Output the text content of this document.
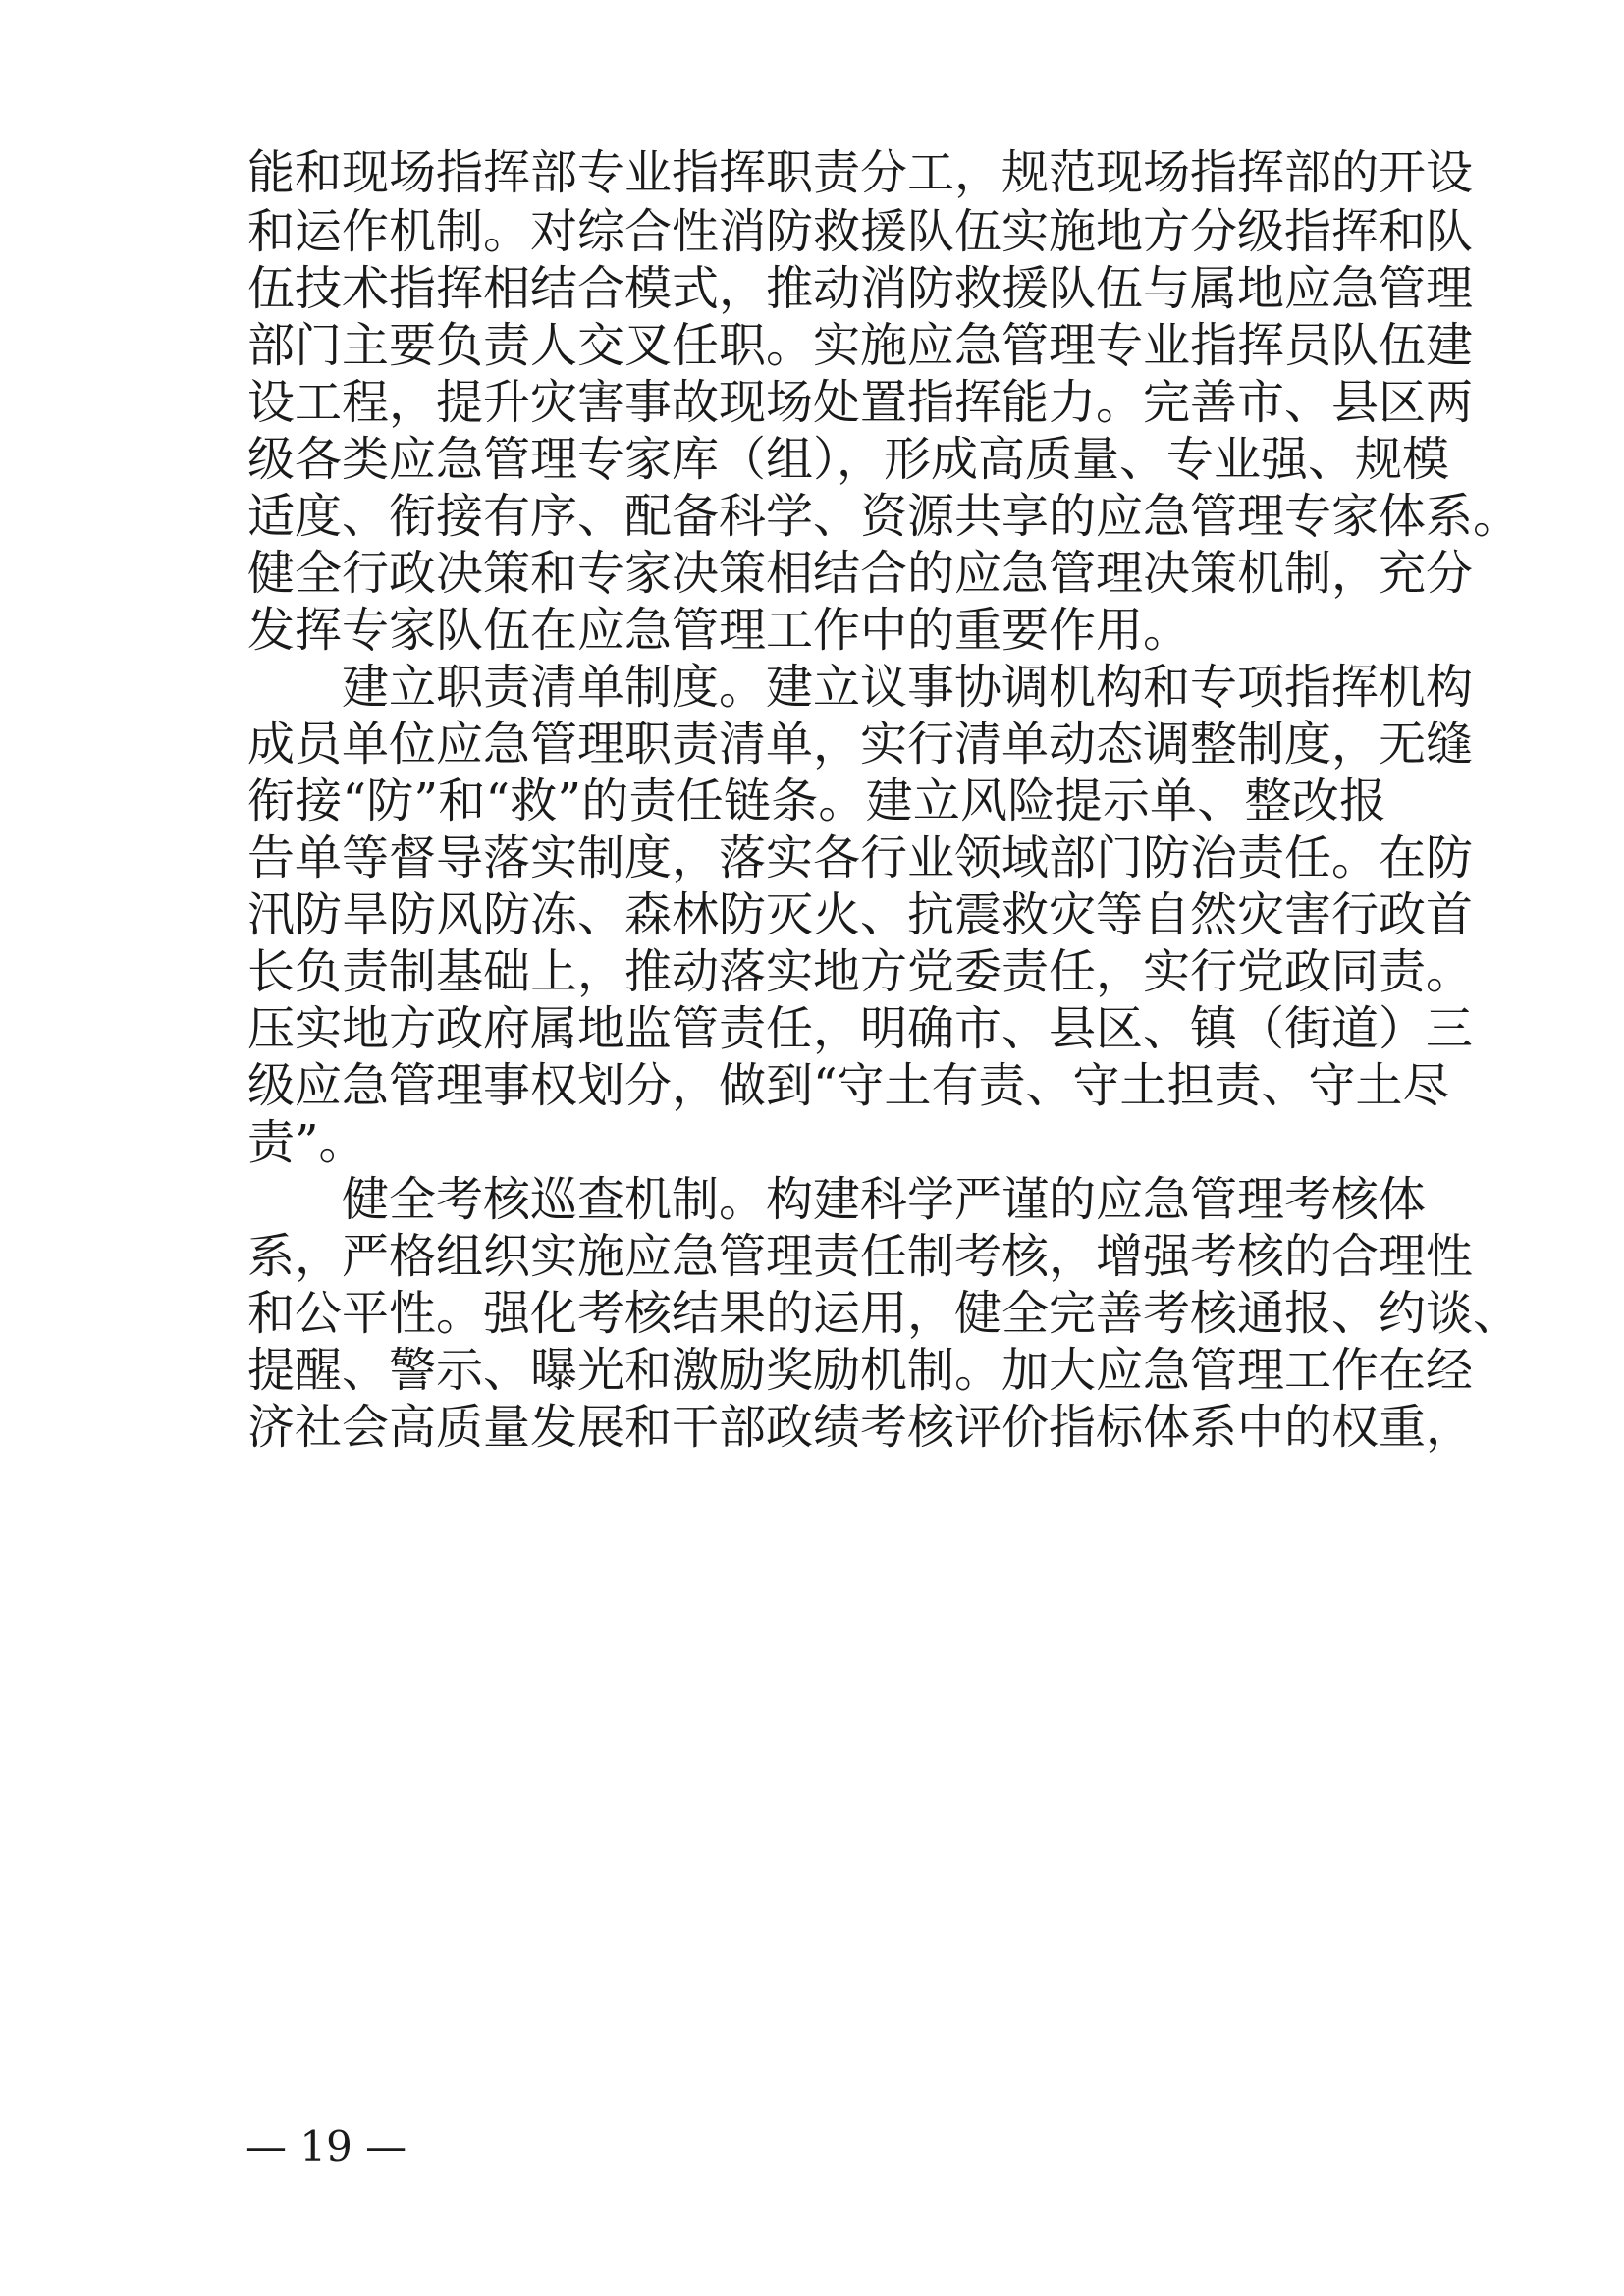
能和现场指挥部专业指挥职责分工，规范现场指挥部的开设
和运作机制。对综合性消防救援队伍实施地方分级指挥和队
伍技术指挥相结合模式，推动消防救援队伍与属地应急管理
部门主要负责人交叉任职。实施应急管理专业指挥员队伍建
设工程，提升灾害事故现场处置指挥能力。完善市、县区两
级各类应急管理专家库（组），形成高质量、专业强、规模
适度、衔接有序、配备科学、资源共享的应急管理专家体系。
健全行政决策和专家决策相结合的应急管理决策机制，充分
发挥专家队伍在应急管理工作中的重要作用。
建立职责清单制度。建立议事协调机构和专项指挥机构
成员单位应急管理职责清单，实行清单动态调整制度，无缝
衔接“防”和“救”的责任链条。建立风险提示单、整改报
告单等督导落实制度，落实各行业领域部门防治责任。在防
汛防旱防风防冻、森林防灭火、抗震救灾等自然灾害行政首
长负责制基础上，推动落实地方党委责任，实行党政同责。
压实地方政府属地监管责任，明确市、县区、镇（街道）三
级应急管理事权划分，做到“守土有责、守土担责、守土尽
责”。
健全考核巡查机制。构建科学严谨的应急管理考核体
系，严格组织实施应急管理责任制考核，增强考核的合理性
和公平性。强化考核结果的运用，健全完善考核通报、约谈、
提醒、警示、曝光和激励奖励机制。加大应急管理工作在经
济社会高质量发展和干部政绩考核评价指标体系中的权重，
— 19 —
